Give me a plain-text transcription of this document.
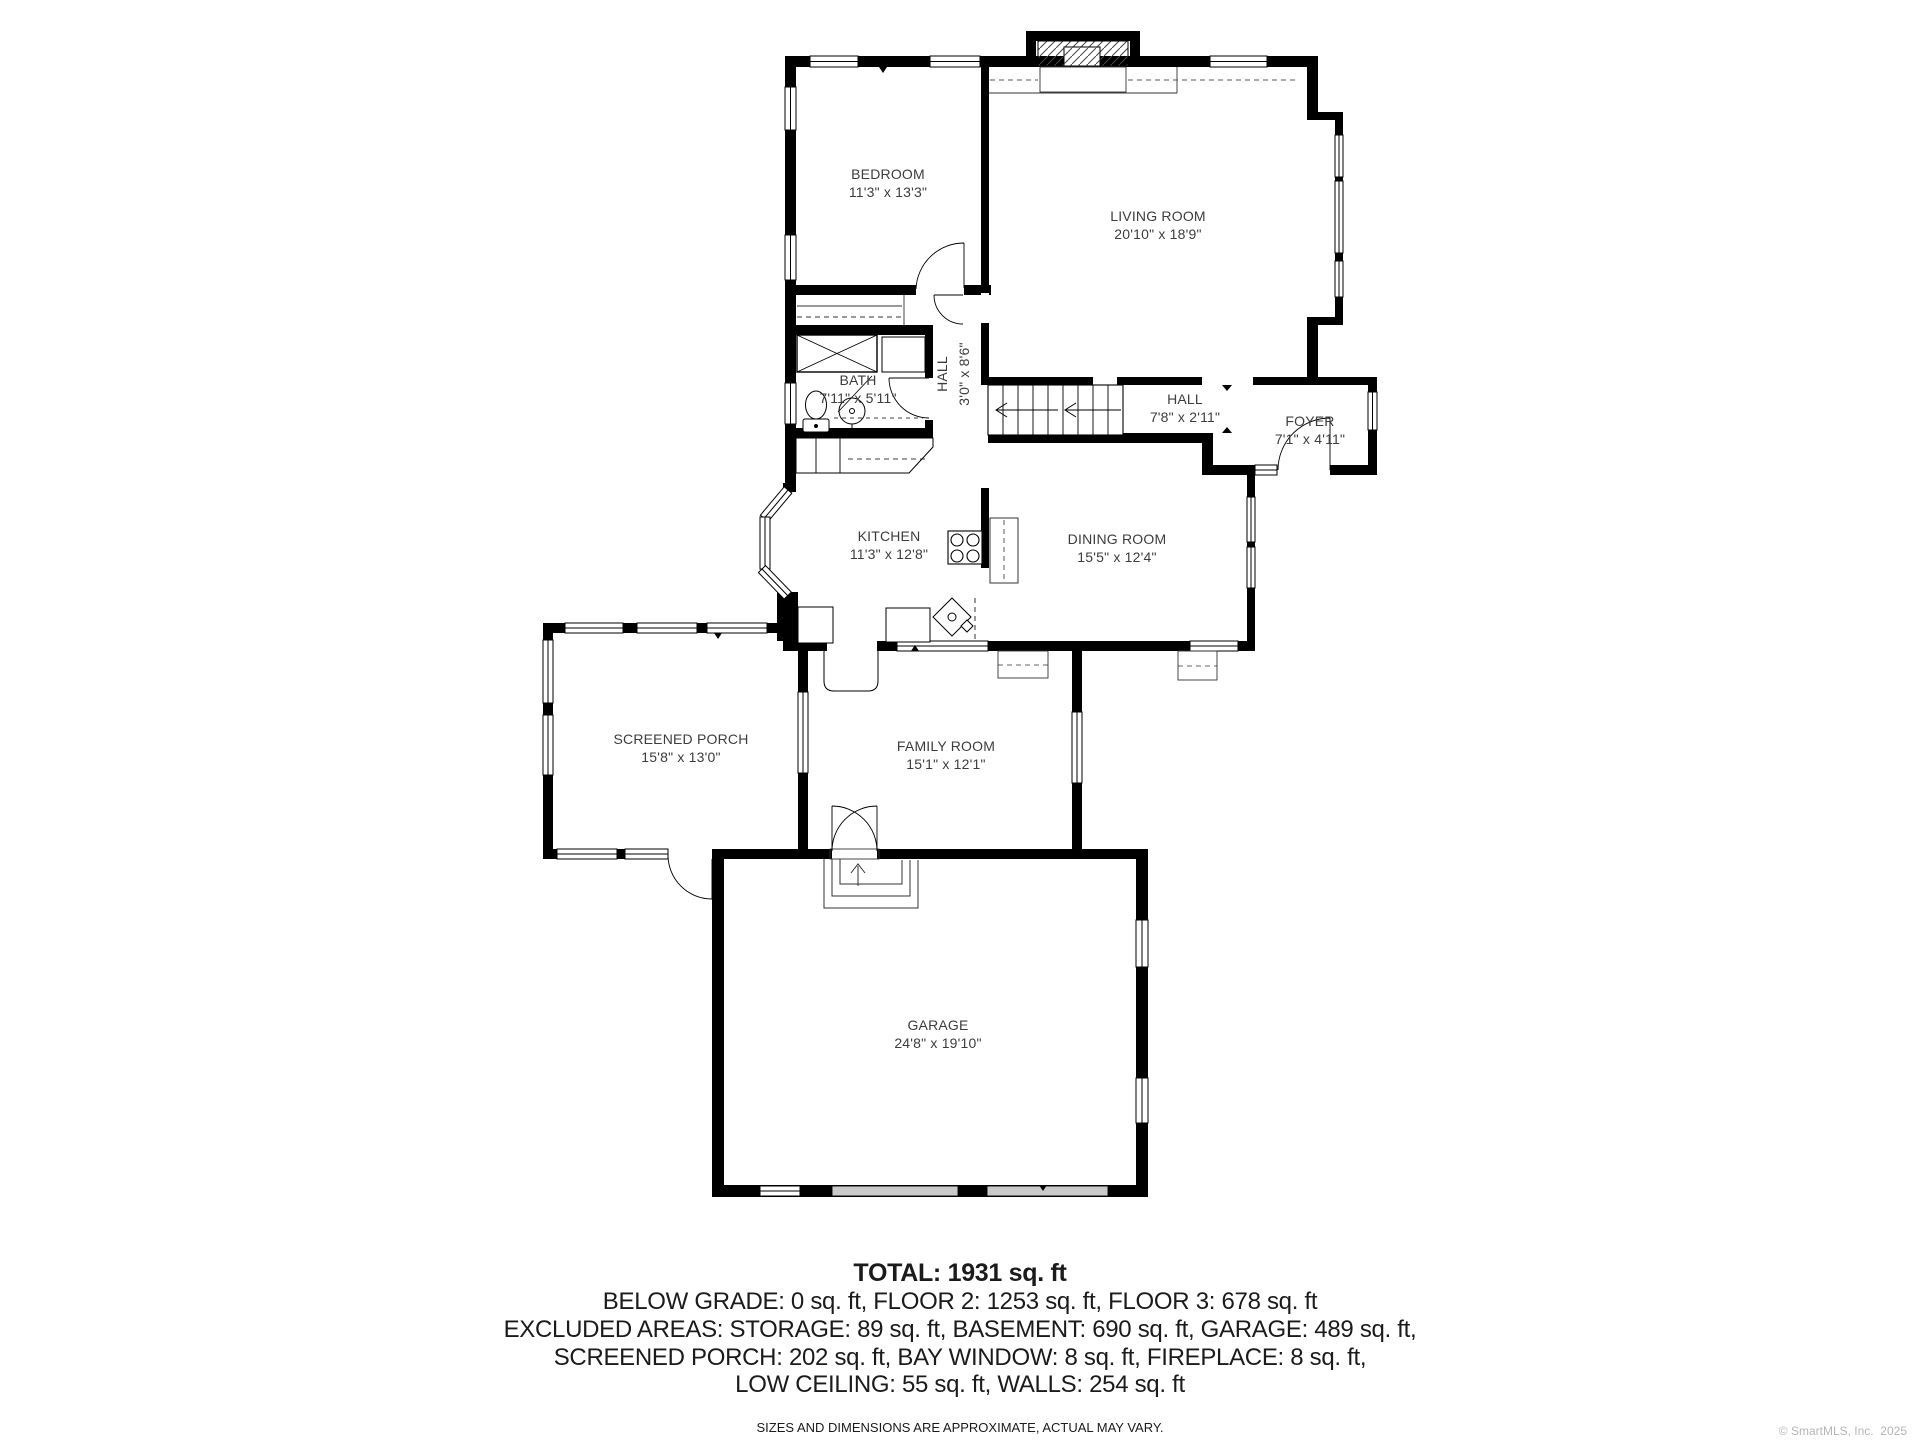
BEDROOM
11'3" x 13'3"
LIVING ROOM
20'10" x 18'9"
BATH
7'11" x 5'11"
HALL 3'0" x 8'6"	HALL
7'8" x 2'11"	FOYER
7'1" x 4'11"
KITCHEN
11'3" x 12'8"
DINING ROOM
15'5" x 12'4"
SCREENED PORCH
15'8" x 13'0"
FAMILY ROOM
15'1" x 12'1"
GARAGE
24'8" x 19'10"
TOTAL: 1931 sq. ft
BELOW GRADE: 0 sq. ft, FLOOR 2: 1253 sq. ft, FLOOR 3: 678 sq. ft
EXCLUDED AREAS: STORAGE: 89 sq. ft, BASEMENT: 690 sq. ft, GARAGE: 489 sq. ft,
SCREENED PORCH: 202 sq. ft, BAY WINDOW: 8 sq. ft, FIREPLACE: 8 sq. ft,
LOW CEILING: 55 sq. ft, WALLS: 254 sq. ft
SIZES AND DIMENSIONS ARE APPROXIMATE, ACTUAL MAY VARY.	© SmartMLS, Inc.  2025
